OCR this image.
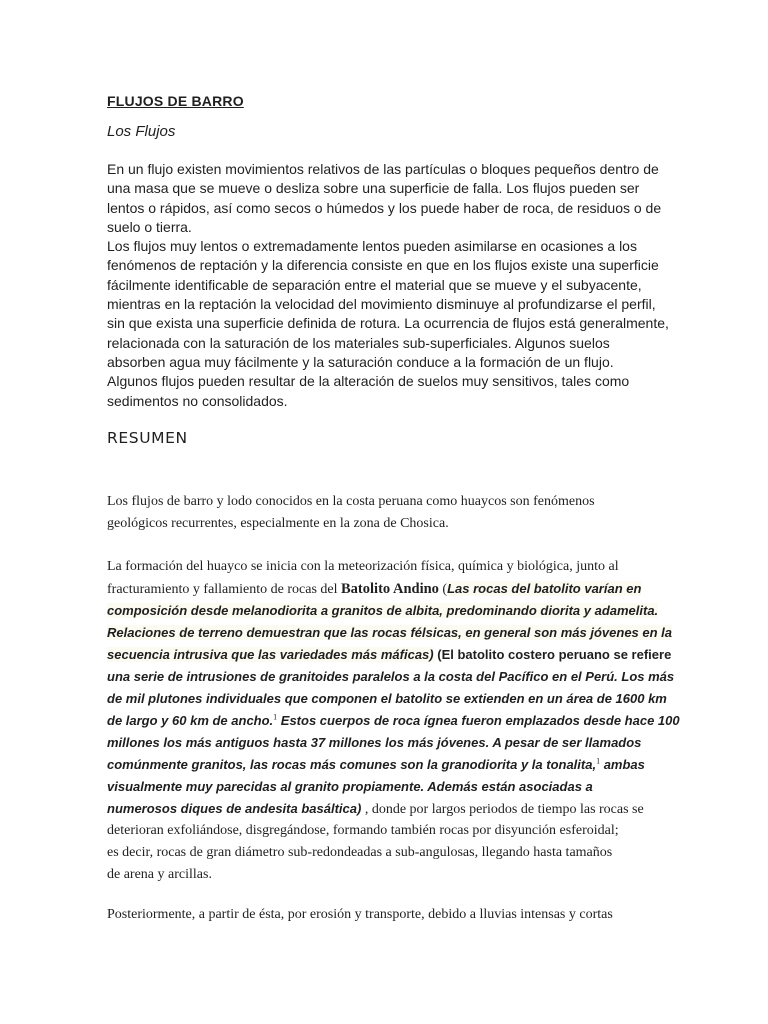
FLUJOS DE BARRO
Los Flujos
En un flujo existen movimientos relativos de las partículas o bloques pequeños dentro de
una masa que se mueve o desliza sobre una superficie de falla. Los flujos pueden ser
lentos o rápidos, así como secos o húmedos y los puede haber de roca, de residuos o de
suelo o tierra.
Los flujos muy lentos o extremadamente lentos pueden asimilarse en ocasiones a los
fenómenos de reptación y la diferencia consiste en que en los flujos existe una superficie
fácilmente identificable de separación entre el material que se mueve y el subyacente,
mientras en la reptación la velocidad del movimiento disminuye al profundizarse el perfil,
sin que exista una superficie definida de rotura. La ocurrencia de flujos está generalmente,
relacionada con la saturación de los materiales sub-superficiales. Algunos suelos
absorben agua muy fácilmente y la saturación conduce a la formación de un flujo.
Algunos flujos pueden resultar de la alteración de suelos muy sensitivos, tales como
sedimentos no consolidados.
RESUMEN
Los flujos de barro y lodo conocidos en la costa peruana como huaycos son fenómenos
geológicos recurrentes, especialmente en la zona de Chosica.
La formación del huayco se inicia con la meteorización física, química y biológica, junto al
fracturamiento y fallamiento de rocas del Batolito Andino (Las rocas del batolito varían en
composición desde melanodiorita a granitos de albita, predominando diorita y adamelita.
Relaciones de terreno demuestran que las rocas félsicas, en general son más jóvenes en la
secuencia intrusiva que las variedades más máficas) (El batolito costero peruano se refiere
una serie de intrusiones de granitoides paralelos a la costa del Pacífico en el Perú. Los más
de mil plutones individuales que componen el batolito se extienden en un área de 1600 km
de largo y 60 km de ancho.$^1$ Estos cuerpos de roca ígnea fueron emplazados desde hace 100
millones los más antiguos hasta 37 millones los más jóvenes. A pesar de ser llamados
comúnmente granitos, las rocas más comunes son la granodiorita y la tonalita,$^1$ ambas
visualmente muy parecidas al granito propiamente. Además están asociadas a
numerosos diques de andesita basáltica) , donde por largos periodos de tiempo las rocas se
deterioran exfoliándose, disgregándose, formando también rocas por disyunción esferoidal;
es decir, rocas de gran diámetro sub-redondeadas a sub-angulosas, llegando hasta tamaños
de arena y arcillas.
Posteriormente, a partir de ésta, por erosión y transporte, debido a lluvias intensas y cortas
